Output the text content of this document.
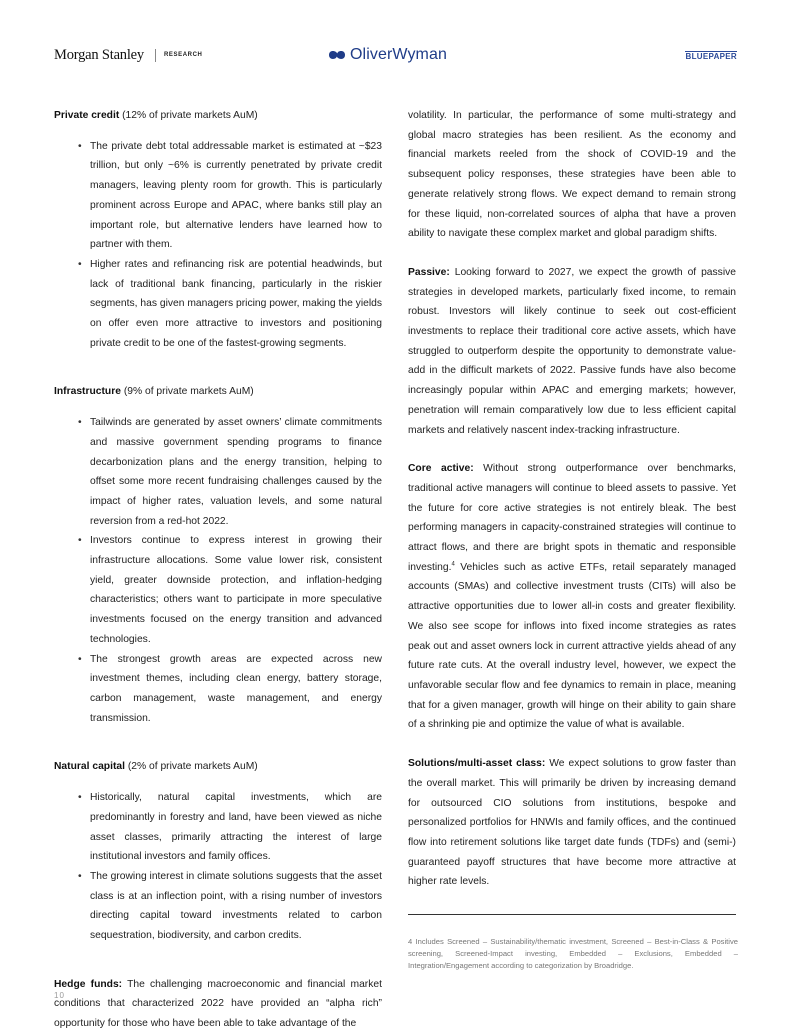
Morgan Stanley	RESEARCH	OliverWyman	BLUEPAPER
Private credit (12% of private markets AuM)
• The private debt total addressable market is estimated at ~$23 trillion, but only ~6% is currently penetrated by private credit managers, leaving plenty room for growth. This is particularly prominent across Europe and APAC, where banks still play an important role, but alternative lenders have learned how to partner with them.
• Higher rates and refinancing risk are potential headwinds, but lack of traditional bank financing, particularly in the riskier segments, has given managers pricing power, making the yields on offer even more attractive to investors and positioning private credit to be one of the fastest-growing segments.
Infrastructure (9% of private markets AuM)
• Tailwinds are generated by asset owners’ climate commitments and massive government spending programs to finance decarbonization plans and the energy transition, helping to offset some more recent fundraising challenges caused by the impact of higher rates, valuation levels, and some natural reversion from a red-hot 2022.
• Investors continue to express interest in growing their infrastructure allocations. Some value lower risk, consistent yield, greater downside protection, and inflation-hedging characteristics; others want to participate in more speculative investments focused on the energy transition and advanced technologies.
• The strongest growth areas are expected across new investment themes, including clean energy, battery storage, carbon management, waste management, and energy transmission.
Natural capital (2% of private markets AuM)
• Historically, natural capital investments, which are predominantly in forestry and land, have been viewed as niche asset classes, primarily attracting the interest of large institutional investors and family offices.
• The growing interest in climate solutions suggests that the asset class is at an inflection point, with a rising number of investors directing capital toward investments related to carbon sequestration, biodiversity, and carbon credits.

Hedge funds: The challenging macroeconomic and financial market conditions that characterized 2022 have provided an “alpha rich” opportunity for those who have been able to take advantage of the

volatility. In particular, the performance of some multi-strategy and global macro strategies has been resilient. As the economy and financial markets reeled from the shock of COVID-19 and the subsequent policy responses, these strategies have been able to generate relatively strong flows. We expect demand to remain strong for these liquid, non-correlated sources of alpha that have a proven ability to navigate these complex market and global paradigm shifts.

Passive: Looking forward to 2027, we expect the growth of passive strategies in developed markets, particularly fixed income, to remain robust. Investors will likely continue to seek out cost-efficient investments to replace their traditional core active assets, which have struggled to outperform despite the opportunity to demonstrate value-add in the difficult markets of 2022. Passive funds have also become increasingly popular within APAC and emerging markets; however, penetration will remain comparatively low due to less efficient capital markets and relatively nascent index-tracking infrastructure.

Core active: Without strong outperformance over benchmarks, traditional active managers will continue to bleed assets to passive. Yet the future for core active strategies is not entirely bleak. The best performing managers in capacity-constrained strategies will continue to attract flows, and there are bright spots in thematic and responsible investing.$^4$ Vehicles such as active ETFs, retail separately managed accounts (SMAs) and collective investment trusts (CITs) will also be attractive opportunities due to lower all-in costs and greater flexibility. We also see scope for inflows into fixed income strategies as rates peak out and asset owners lock in current attractive yields ahead of any future rate cuts. At the overall industry level, however, we expect the unfavorable secular flow and fee dynamics to remain in place, meaning that for a given manager, growth will hinge on their ability to gain share of a shrinking pie and optimize the value of what is available.

Solutions/multi-asset class: We expect solutions to grow faster than the overall market. This will primarily be driven by increasing demand for outsourced CIO solutions from institutions, bespoke and personalized portfolios for HNWIs and family offices, and the continued flow into retirement solutions like target date funds (TDFs) and (semi-) guaranteed payoff structures that have become more attractive at higher rate levels.

4 Includes Screened – Sustainability/thematic investment, Screened – Best-in-Class & Positive screening, Screened-Impact investing, Embedded – Exclusions, Embedded – Integration/Engagement according to categorization by Broadridge.
10
